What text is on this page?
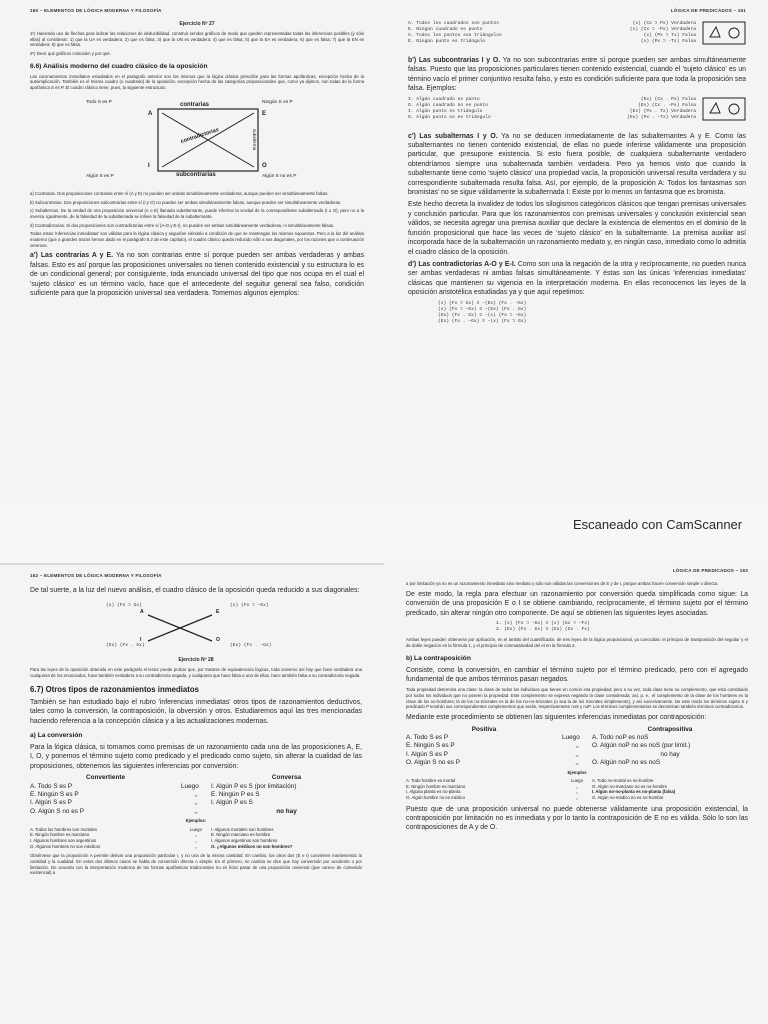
160 – ELEMENTOS DE LÓGICA MODERNA Y FILOSOFÍA
Ejercicio Nº 27

1º) Haciendo uso de flechas para indicar las relaciones de deducibilidad, construir sendos gráficos de modo que queden representadas todas las inferencias posibles (y sólo ellas) al considerar: 1) que la UA es verdadera; 2) que es falsa; 3) que la UN es verdadera; 4) que es falsa; 5) que la EA es verdadera; 6) que es falsa; 7) que la EN es verdadera; 8) que es falsa.

2º) Decir qué gráficos coinciden y por qué.

6.6) Análisis moderno del cuadro clásico de la oposición

Las razonamientos inmediatos estudiados en el parágrafo anterior son los mismos que la lógica clásica prescribe para las formas apofánticas, excepción hecha de la autoimplicación. También es el mismo cuadro (o cuadrado) de la oposición, excepción hecha de las categorías proposicionales que, como ya dijimos, son todas de la forma apofántica S es P. El cuadro clásico tiene, pues, la siguiente estructura:

Todo S es P	Ningún S es P
Algún S es P	Algún S no es P
contrarias
subcontrarias
contradictorias	subalterna
A	E
I	O

a) Contrarias. Dos proposiciones contrarias entre sí (A y E) no pueden ser ambas simultáneamente verdaderas, aunque pueden ser simultáneamente falsas.

b) Subcontrarias. Dos proposiciones subcontrarias entre sí (I y O) no pueden ser ambas simultáneamente falsas, aunque pueden ser simultáneamente verdaderas.

c) Subalternas. De la verdad de una proposición universal (A o E) llamada subalternante, puede inferirse la verdad de la correspondiente subalternada (I u O), pero no a la inversa. Igualmente, de la falsedad de la subalternada se infiere la falsedad de la subalternante.

d) Contradictorias. Si dos proposiciones son contradictorias entre sí (A-O y E-I), no pueden ser ambas simultáneamente verdaderas, ni simultáneamente falsas.

Todas estas 'inferencias inmediatas' son válidas para la lógica clásica y seguirían siéndolo a condición de que se mantengan los mismos supuestos. Pero a la luz del análisis moderno (que a grandes trazos hemos dado en el parágrafo 6.2 de este capítulo), el cuadro clásico queda reducido sólo a sus diagonales, por los razones que a continuación veremos.

a') Las contrarias A y E. Ya no son contrarias entre sí porque pueden ser ambas verdaderas y ambas falsas. Esto es así porque las proposiciones universales no tienen contenido existencial y su estructura lo es de un condicional general; por consiguiente, toda enunciado universal del tipo que nos ocupa en el cual el 'sujeto clásico' es un término vacío, hace que el antecedente del seguitur general sea falso, condición suficiente para que la proposición universal sea verdadera. Tomemos algunos ejemplos:

LÓGICA DE PREDICADOS – 161
A. Todos los cuadrados son puntos	(x) (Cx ⊃ Px) Verdadera
E. Ningún cuadrado es punto	(x) (Cx ⊃ -Px) Verdadera
A. Todos los puntos son triángulos	(x) (Px ⊃ Tx) Falsa
E. Ningún punto es triángulo	(x) (Px ⊃ -Tx) Falsa

b') Las subcontrarias I y O. Ya no son subcontrarias entre sí porque pueden ser ambas simultáneamente falsas. Puesto que las proposiciones particulares tienen contenido existencial, cuando el 'sujeto clásico' es un término vacío el primer conjuntivo resulta falso, y esto es condición suficiente para que toda la proposición sea falsa. Ejemplos:

I. Algún cuadrado es punto	(Ex) (Cx . Px) Falsa
O. Algún cuadrado no es punto	(Ex) (Cx . -Px) Falsa
I. Algún punto es triángulo	(Ex) (Px . Tx) Verdadera
O. Algún punto no es triángulo	(Ex) (Px . -Tx) Verdadera

c') Las subalternas I y O. Ya no se deducen inmediatamente de las subalternantes A y E. Como las subalternantes no tienen contenido existencial, de ellas no puede inferirse válidamente una proposición particular, que presupone existencia. Si esto fuera posible, de cualquiera subalternante verdadero obtendríamos siempre una subalternada también verdadera. Pero ya hemos visto que cuando la subalternante tiene como 'sujeto clásico' una propiedad vacía, la proposición universal resulta verdadera y su correspondiente subalternada resulta falsa. Así, por ejemplo, de la proposición A: Todos los fantasmas son bromistas' no se sigue válidamente la subalternada I: Existe por lo menos un fantasma que es bromista.

Este hecho decreta la invalidez de todos los silogismos categóricos clásicos que tengan premisas universales y conclusión particular. Para que los razonamientos con premisas universales y conclusión existencial sean válidos, se necesita agregar una premisa auxiliar que declare la existencia de elementos en el dominio de la función proposicional que hace las veces de 'sujeto clásico' en la subalternante. La premisa auxiliar así incorporada hace de la subalternación un razonamiento mediato y, en ningún caso, inmediato como lo admitía el cuadro clásico de la oposición.

d') Las contradictorias A-O y E-I. Como son una la negación de la otra y recíprocamente, no pueden nunca ser ambas verdaderas ni ambas falsas simultáneamente. Y éstas son las únicas 'inferencias inmediatas' clásicas que mantienen su vigencia en la interpretación moderna. En ellas reconocemos las leyes de la oposición aristotélica estudiadas ya y que aquí repetimos:

(x) (Fx ⊃ Gx) ≡ –(Ex) (Fx . –Gx)
(x) (Fx ⊃ –Gx) ≡ –(Ex) (Fx . Gx)
(Ex) (Fx . Gx) ≡ –(x) (Fx ⊃ –Gx)
(Ex) (Fx . –Gx) ≡ –(x) (Fx ⊃ Gx)
Escaneado con CamScanner
162 – ELEMENTOS DE LÓGICA MODERNA Y FILOSOFÍA

De tal suerte, a la luz del nuevo análisis, el cuadro clásico de la oposición queda reducido a sus diagonales:

(x) (Fx ⊃ Gx)	(x) (Fx ⊃ –Gx)
(Ex) (Fx . Gx)	(Ex) (Fx . –Gx)
A	E
I	O
Ejercicio Nº 28

Para las leyes de la oposición obtenida en este parágrafo el lector puede probar que, por tratarse de equivalencias lógicas, toda universo así hay que hace verdadera una cualquiera de los enunciados, hace también verdadera a su contradictoria negada, y cualquiera que hace falsa a una de ellas, hace también falsa a su contradictoria negada.

6.7) Otros tipos de razonamientos inmediatos

También se han estudiado bajo el rubro 'inferencias inmediatas' otros tipos de razonamientos deductivos, tales como la conversión, la contraposición, la obversión y otros. Estudiaremos aquí las tres mencionadas haciendo referencia a la concepción clásica y a las actualizaciones modernas.

a) La conversión

Para la lógica clásica, si tomamos como premisas de un razonamiento cada una de las proposiciones A, E, I, O, y ponemos el término sujeto como predicado y el predicado como sujeto, sin alterar la cualidad de las proposiciones, obtenemos las siguientes inferencias por conversión:

Convertiente	Conversa
A. Todo S es P	Luego	I. Algún P es S (por limitación)
E. Ningún S es P	,,	E. Ningún P es S
I. Algún S es P	,,	I. Algún P es S
O. Algún S no es P	,,	no hay
Ejemplos:
A. Todos los hombres son mortales	Luego	I. Algunos mortales son hombres
E. Ningún hombre es marciano	,,	E. Ningún marciano es hombre
I. Algunos hombres son argentinos	,,	I. Algunos argentinos son hombres
O. Algunos hombres no son médicos	,,	O. ¿Algunos médicos no son hombres?

Obsérvese que la proposición A permite derivar una proposición particular I, y no una de la misma cantidad. En cambio, los otros dos (E e I) convierten manteniendo la cantidad y la cualidad. En estos dos últimos casos se habla de conversión directa o simple. En el primero, en cambio se dice que hay conversión por accidente o por limitación. De acuerdo con la interpretación moderna de las formas apofánticas tradicionales no es lícito pasar de una proposición universal (que carece de contenido existencial) a

LÓGICA DE PREDICADOS – 163

a por limitación ya no es un razonamiento inmediato sino mediato y sólo son válidas las conversiones de E y de I, porque ambas hacen conversión simple o directa.

De este modo, la regla para efectuar un razonamiento por conversión queda simplificada como sigue: La conversión de una proposición E o I se obtiene cambiando, recíprocamente, el término sujeto por el término predicado, sin alterar ningún otro componente. De aquí se obtienen las siguientes leyes asociadas.

1. (x) (Fx ⊃ –Gx) ≡ (x) (Gx ⊃ –Fx)
2. (Ex) (Fx . Gx) ≡ (Ex) (Gx . Fx)

Ambas leyes pueden obtenerse por aplicación, en el ámbito del cuantificador, de tres leyes de la lógica proposicional, ya conocidas: el principio de transposición del seguitur y el de doble negación en la fórmula 1, y el principio de conmutatividad del et en la fórmula 2.

b) La contraposición

Consiste, como la conversión, en cambiar el término sujeto por el término predicado, pero con el agregado fundamental de que ambos términos pasan negados.

Toda propiedad determina una clase: la clase de todos los individuos que tienen en común esa propiedad; pero a su vez, toda clase tiene su complemento, que está constituido por todos los individuos que no poseen la propiedad. Este complemento se expresa negando la clase considerada; así, p. e., el complemento de la clase de los hombres es la clase de los no-hombres; la de los no-Sócrates es la de los no-no-Sócrates (o sea la de los Sócrates simplemente), y así sucesivamente. De este modo los términos sujeto S y predicado P tendrán sus correspondientes complementos que serán, respectivamente noS y noP. Los términos complementarios se denominan también términos contradictorios.

Mediante este procedimiento se obtienen las siguientes inferencias inmediatas por contraposición:

Positiva	Contrapositiva
A. Todo S es P	Luego	A. Todo noP es noS
E. Ningún S es P	,,	O. Algún noP no es noS (por limit.)
I. Algún S es P	,,	no hay
O. Algún S no es P	,,	O. Algún noP no es noS
Ejemplos
A. Todo hombre es mortal	Luego	A. Todo no-mortal es no-hombre
E. Ningún hombre es marciano	,,	O. Algún no-marciano no es no-hombre
I. Alguna planta es no-planta	,,	I. Algún no-no-planta es no-planta (falsa)
O. Algún hombre no es médico	,,	O. Algún no-médico no es no-hombre

Puesto que de una proposición universal no puede obtenerse válidamente una proposición existencial, la contraposición por limitación no es inmediata y por lo tanto la contraposición de E no es válida. Sólo lo son las contraposiciones de A y de O.
